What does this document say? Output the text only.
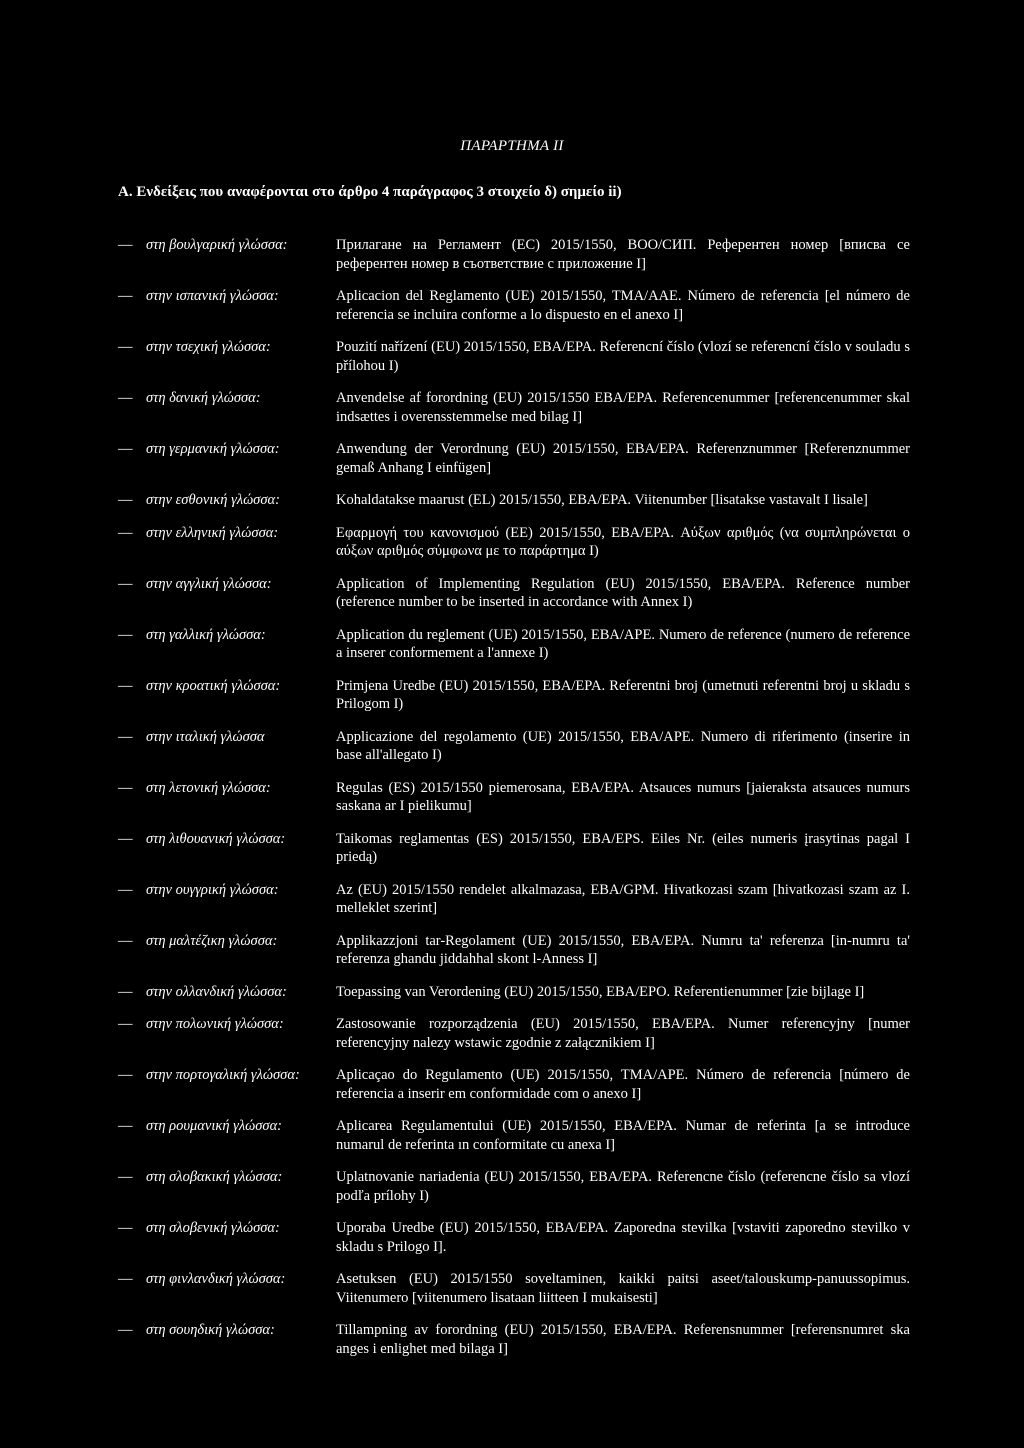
ΠΑΡΑΡΤΗΜΑ II
A. Ενδείξεις που αναφέρονται στο άρθρο 4 παράγραφος 3 στοιχείο δ) σημείο ii)
— στη βουλγαρική γλώσσα:	Прилагане на Регламент (ЕС) 2015/1550, ВОО/СИП. Референтен номер [вписва се референтен номер в съответствие с приложение I]
— στην ισπανική γλώσσα:	Aplicacion del Reglamento (UE) 2015/1550, TMA/AAE. Número de referencia [el número de referencia se incluira conforme a lo dispuesto en el anexo I]
— στην τσεχική γλώσσα:	Pouzití nařízení (EU) 2015/1550, EBA/EPA. Referencní číslo (vlozí se referencní číslo v souladu s přílohou I)
— στη δανική γλώσσα:	Anvendelse af forordning (EU) 2015/1550 EBA/EPA. Referencenummer [referencenummer skal indsættes i overensstemmelse med bilag I]
— στη γερμανική γλώσσα:	Anwendung der Verordnung (EU) 2015/1550, EBA/EPA. Referenznummer [Referenznummer gemaß Anhang I einfügen]
— στην εσθονική γλώσσα:	Kohaldatakse maarust (EL) 2015/1550, EBA/EPA. Viitenumber [lisatakse vastavalt I lisale]
— στην ελληνική γλώσσα:	Εφαρμογή του κανονισμού (ΕΕ) 2015/1550, EBA/EPA. Αύξων αριθμός (να συμπληρώνεται ο αύξων αριθμός σύμφωνα με το παράρτημα I)
— στην αγγλική γλώσσα:	Application of Implementing Regulation (EU) 2015/1550, EBA/EPA. Reference number (reference number to be inserted in accordance with Annex I)
— στη γαλλική γλώσσα:	Application du reglement (UE) 2015/1550, EBA/APE. Numero de reference (numero de reference a inserer conformement a l'annexe I)
— στην κροατική γλώσσα:	Primjena Uredbe (EU) 2015/1550, EBA/EPA. Referentni broj (umetnuti referentni broj u skladu s Prilogom I)
— στην ιταλική γλώσσα	Applicazione del regolamento (UE) 2015/1550, EBA/APE. Numero di riferimento (inserire in base all'allegato I)
— στη λετονική γλώσσα:	Regulas (ES) 2015/1550 piemerosana, EBA/EPA. Atsauces numurs [jaieraksta atsauces numurs saskana ar I pielikumu]
— στη λιθουανική γλώσσα:	Taikomas reglamentas (ES) 2015/1550, EBA/EPS. Eiles Nr. (eiles numeris įrasytinas pagal I priedą)
— στην ουγγρική γλώσσα:	Az (EU) 2015/1550 rendelet alkalmazasa, EBA/GPM. Hivatkozasi szam [hivatkozasi szam az I. melleklet szerint]
— στη μαλτέζικη γλώσσα:	Applikazzjoni tar-Regolament (UE) 2015/1550, EBA/EPA. Numru ta' referenza [in-numru ta' referenza ghandu jiddahhal skont l-Anness I]
— στην ολλανδική γλώσσα:	Toepassing van Verordening (EU) 2015/1550, EBA/EPO. Referentienummer [zie bijlage I]
— στην πολωνική γλώσσα:	Zastosowanie rozporządzenia (EU) 2015/1550, EBA/EPA. Numer referencyjny [numer referencyjny nalezy wstawic zgodnie z załącznikiem I]
— στην πορτογαλική γλώσσα:	Aplicaçao do Regulamento (UE) 2015/1550, TMA/APE. Número de referencia [número de referencia a inserir em conformidade com o anexo I]
— στη ρουμανική γλώσσα:	Aplicarea Regulamentului (UE) 2015/1550, EBA/EPA. Numar de referinta [a se introduce numarul de referinta ın conformitate cu anexa I]
— στη σλοβακική γλώσσα:	Uplatnovanie nariadenia (EU) 2015/1550, EBA/EPA. Referencne číslo (referencne číslo sa vlozí podľa prílohy I)
— στη σλοβενική γλώσσα:	Uporaba Uredbe (EU) 2015/1550, EBA/EPA. Zaporedna stevilka [vstaviti zaporedno stevilko v skladu s Prilogo I].
— στη φινλανδική γλώσσα:	Asetuksen (EU) 2015/1550 soveltaminen, kaikki paitsi aseet/talouskump-panuussopimus. Viitenumero [viitenumero lisataan liitteen I mukaisesti]
— στη σουηδική γλώσσα:	Tillampning av forordning (EU) 2015/1550, EBA/EPA. Referensnummer [referensnumret ska anges i enlighet med bilaga I]
